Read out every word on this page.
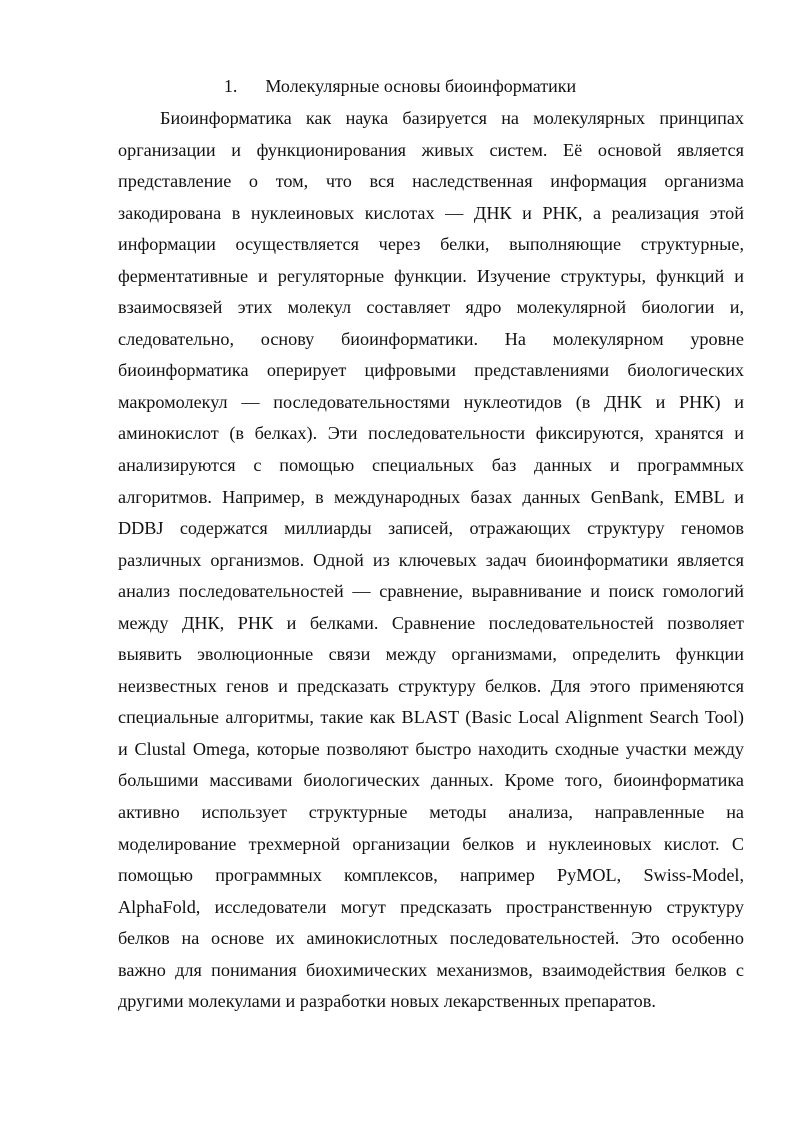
1. Молекулярные основы биоинформатики
Биоинформатика как наука базируется на молекулярных принципах
организации и функционирования живых систем. Её основой является
представление о том, что вся наследственная информация организма
закодирована в нуклеиновых кислотах — ДНК и РНК, а реализация этой
информации осуществляется через белки, выполняющие структурные,
ферментативные и регуляторные функции. Изучение структуры, функций и
взаимосвязей этих молекул составляет ядро молекулярной биологии и,
следовательно, основу биоинформатики. На молекулярном уровне
биоинформатика оперирует цифровыми представлениями биологических
макромолекул — последовательностями нуклеотидов (в ДНК и РНК) и
аминокислот (в белках). Эти последовательности фиксируются, хранятся и
анализируются с помощью специальных баз данных и программных
алгоритмов. Например, в международных базах данных GenBank, EMBL и
DDBJ содержатся миллиарды записей, отражающих структуру геномов
различных организмов. Одной из ключевых задач биоинформатики является
анализ последовательностей — сравнение, выравнивание и поиск гомологий
между ДНК, РНК и белками. Сравнение последовательностей позволяет
выявить эволюционные связи между организмами, определить функции
неизвестных генов и предсказать структуру белков. Для этого применяются
специальные алгоритмы, такие как BLAST (Basic Local Alignment Search Tool)
и Clustal Omega, которые позволяют быстро находить сходные участки между
большими массивами биологических данных. Кроме того, биоинформатика
активно использует структурные методы анализа, направленные на
моделирование трехмерной организации белков и нуклеиновых кислот. С
помощью программных комплексов, например PyMOL, Swiss-Model,
AlphaFold, исследователи могут предсказать пространственную структуру
белков на основе их аминокислотных последовательностей. Это особенно
важно для понимания биохимических механизмов, взаимодействия белков с
другими молекулами и разработки новых лекарственных препаратов.
